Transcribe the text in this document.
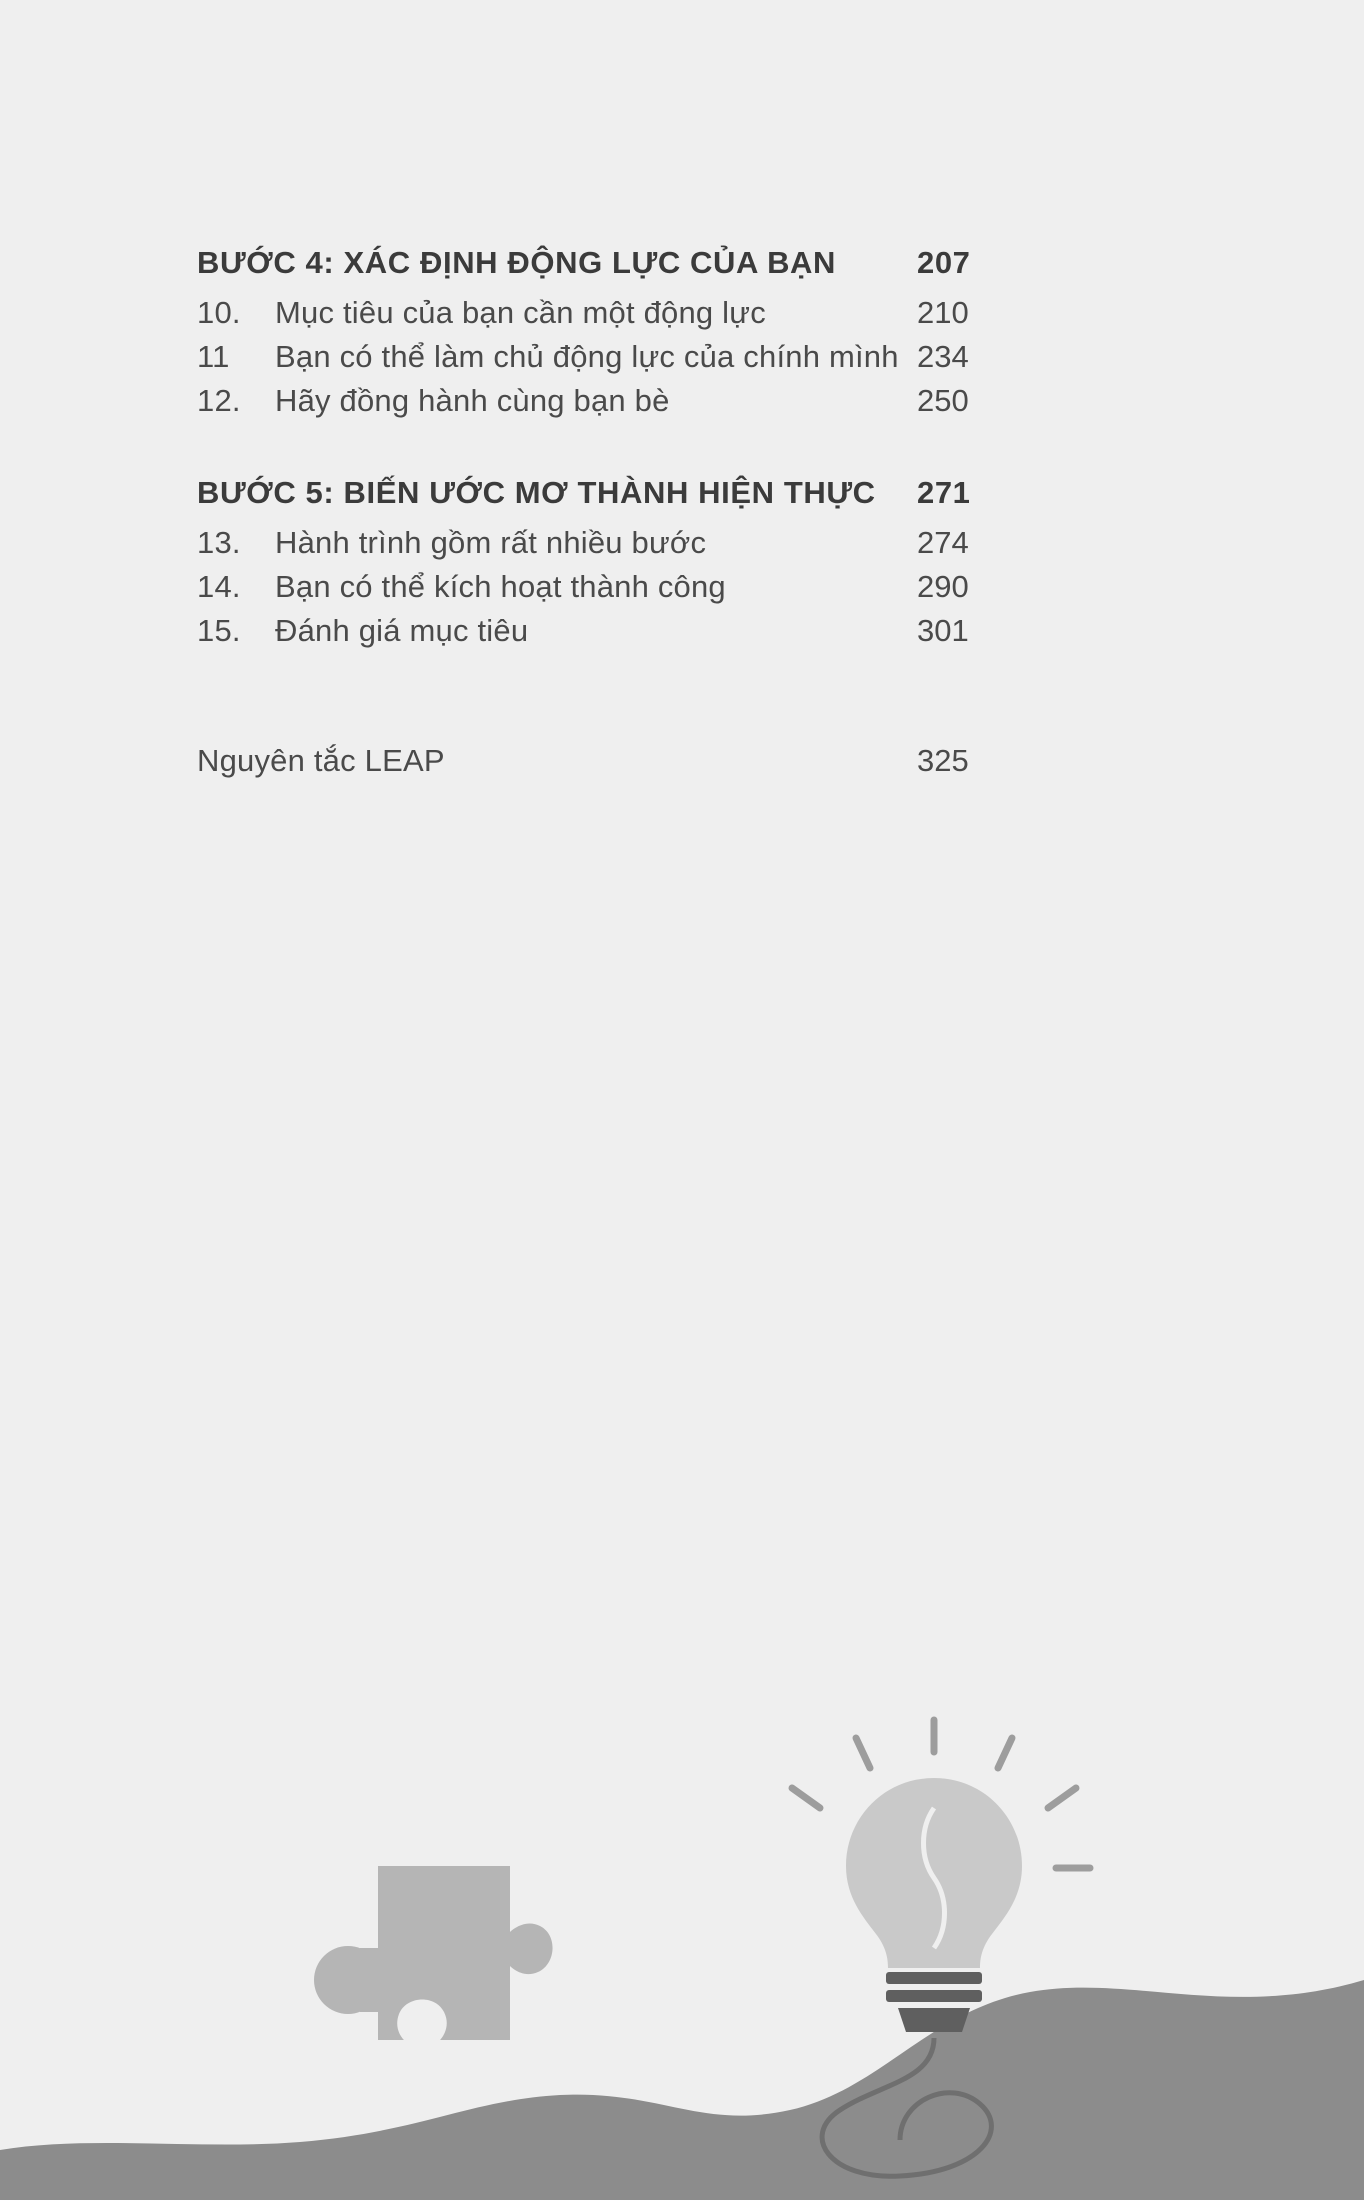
BƯỚC 4: XÁC ĐỊNH ĐỘNG LỰC CỦA BẠN	207
10.	Mục tiêu của bạn cần một động lực	210
11	Bạn có thể làm chủ động lực của chính mình 234
12.	Hãy đồng hành cùng bạn bè	250
BƯỚC 5: BIẾN ƯỚC MƠ THÀNH HIỆN THỰC	271
13.	Hành trình gồm rất nhiều bước	274
14.	Bạn có thể kích hoạt thành công	290
15.	Đánh giá mục tiêu	301
Nguyên tắc LEAP	325
